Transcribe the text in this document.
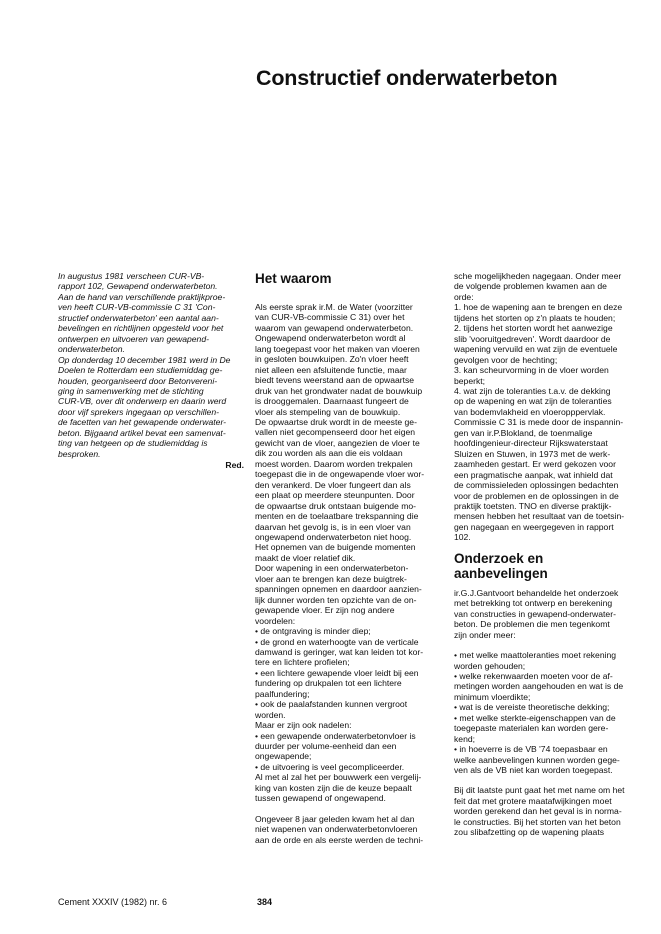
Constructief onderwaterbeton

In augustus 1981 verscheen CUR-VB-

rapport 102, Gewapend onderwaterbeton.

Aan de hand van verschillende praktijkproe-

ven heeft CUR-VB-commissie C 31 'Con-

structief onderwaterbeton' een aantal aan-

bevelingen en richtlijnen opgesteld voor het

ontwerpen en uitvoeren van gewapend-

onderwaterbeton.

Op donderdag 10 december 1981 werd in De

Doelen te Rotterdam een studiemiddag ge-

houden, georganiseerd door Betonvereni-

ging in samenwerking met de stichting

CUR-VB, over dit onderwerp en daarin werd

door vijf sprekers ingegaan op verschillen-

de facetten van het gewapende onderwater-

beton. Bijgaand artikel bevat een samenvat-

ting van hetgeen op de studiemiddag is

besproken.

Red.
Het waarom

Als eerste sprak ir.M. de Water (voorzitter

van CUR-VB-commissie C 31) over het

waarom van gewapend onderwaterbeton.

Ongewapend onderwaterbeton wordt al

lang toegepast voor het maken van vloeren

in gesloten bouwkuipen. Zo'n vloer heeft

niet alleen een afsluitende functie, maar

biedt tevens weerstand aan de opwaartse

druk van het grondwater nadat de bouwkuip

is drooggemalen. Daarnaast fungeert de

vloer als stempeling van de bouwkuip.

De opwaartse druk wordt in de meeste ge-

vallen niet gecompenseerd door het eigen

gewicht van de vloer, aangezien de vloer te

dik zou worden als aan die eis voldaan

moest worden. Daarom worden trekpalen

toegepast die in de ongewapende vloer wor-

den verankerd. De vloer fungeert dan als

een plaat op meerdere steunpunten. Door

de opwaartse druk ontstaan buigende mo-

menten en de toelaatbare trekspanning die

daarvan het gevolg is, is in een vloer van

ongewapend onderwaterbeton niet hoog.

Het opnemen van de buigende momenten

maakt de vloer relatief dik.

Door wapening in een onderwaterbeton-

vloer aan te brengen kan deze buigtrek-

spanningen opnemen en daardoor aanzien-

lijk dunner worden ten opzichte van de on-

gewapende vloer. Er zijn nog andere

voordelen:

• de ontgraving is minder diep;

• de grond en waterhoogte van de verticale

damwand is geringer, wat kan leiden tot kor-

tere en lichtere profielen;

• een lichtere gewapende vloer leidt bij een

fundering op drukpalen tot een lichtere

paalfundering;

• ook de paalafstanden kunnen vergroot

worden.

Maar er zijn ook nadelen:

• een gewapende onderwaterbetonvloer is

duurder per volume-eenheid dan een

ongewapende;

• de uitvoering is veel gecompliceerder.

Al met al zal het per bouwwerk een vergelij-

king van kosten zijn die de keuze bepaalt

tussen gewapend of ongewapend.

Ongeveer 8 jaar geleden kwam het al dan

niet wapenen van onderwaterbetonvloeren

aan de orde en als eerste werden de techni-

sche mogelijkheden nagegaan. Onder meer

de volgende problemen kwamen aan de

orde:

1. hoe de wapening aan te brengen en deze

tijdens het storten op z'n plaats te houden;

2. tijdens het storten wordt het aanwezige

slib 'vooruitgedreven'. Wordt daardoor de

wapening vervuild en wat zijn de eventuele

gevolgen voor de hechting;

3. kan scheurvorming in de vloer worden

beperkt;

4. wat zijn de toleranties t.a.v. de dekking

op de wapening en wat zijn de toleranties

van bodemvlakheid en vloeropppervlak.

Commissie C 31 is mede door de inspannin-

gen van ir.P.Blokland, de toenmalige

hoofdingenieur-directeur Rijkswaterstaat

Sluizen en Stuwen, in 1973 met de werk-

zaamheden gestart. Er werd gekozen voor

een pragmatische aanpak, wat inhield dat

de commissieleden oplossingen bedachten

voor de problemen en de oplossingen in de

praktijk toetsten. TNO en diverse praktijk-

mensen hebben het resultaat van de toetsin-

gen nagegaan en weergegeven in rapport

102.

Onderzoek en
aanbevelingen

ir.G.J.Gantvoort behandelde het onderzoek

met betrekking tot ontwerp en berekening

van constructies in gewapend-onderwater-

beton. De problemen die men tegenkomt

zijn onder meer:

• met welke maattoleranties moet rekening

worden gehouden;

• welke rekenwaarden moeten voor de af-

metingen worden aangehouden en wat is de

minimum vloerdikte;

• wat is de vereiste theoretische dekking;

• met welke sterkte-eigenschappen van de

toegepaste materialen kan worden gere-

kend;

• in hoeverre is de VB '74 toepasbaar en

welke aanbevelingen kunnen worden gege-

ven als de VB niet kan worden toegepast.

Bij dit laatste punt gaat het met name om het

feit dat met grotere maatafwijkingen moet

worden gerekend dan het geval is in norma-

le constructies. Bij het storten van het beton

zou slibafzetting op de wapening plaats

Cement XXXIV (1982) nr. 6	384
